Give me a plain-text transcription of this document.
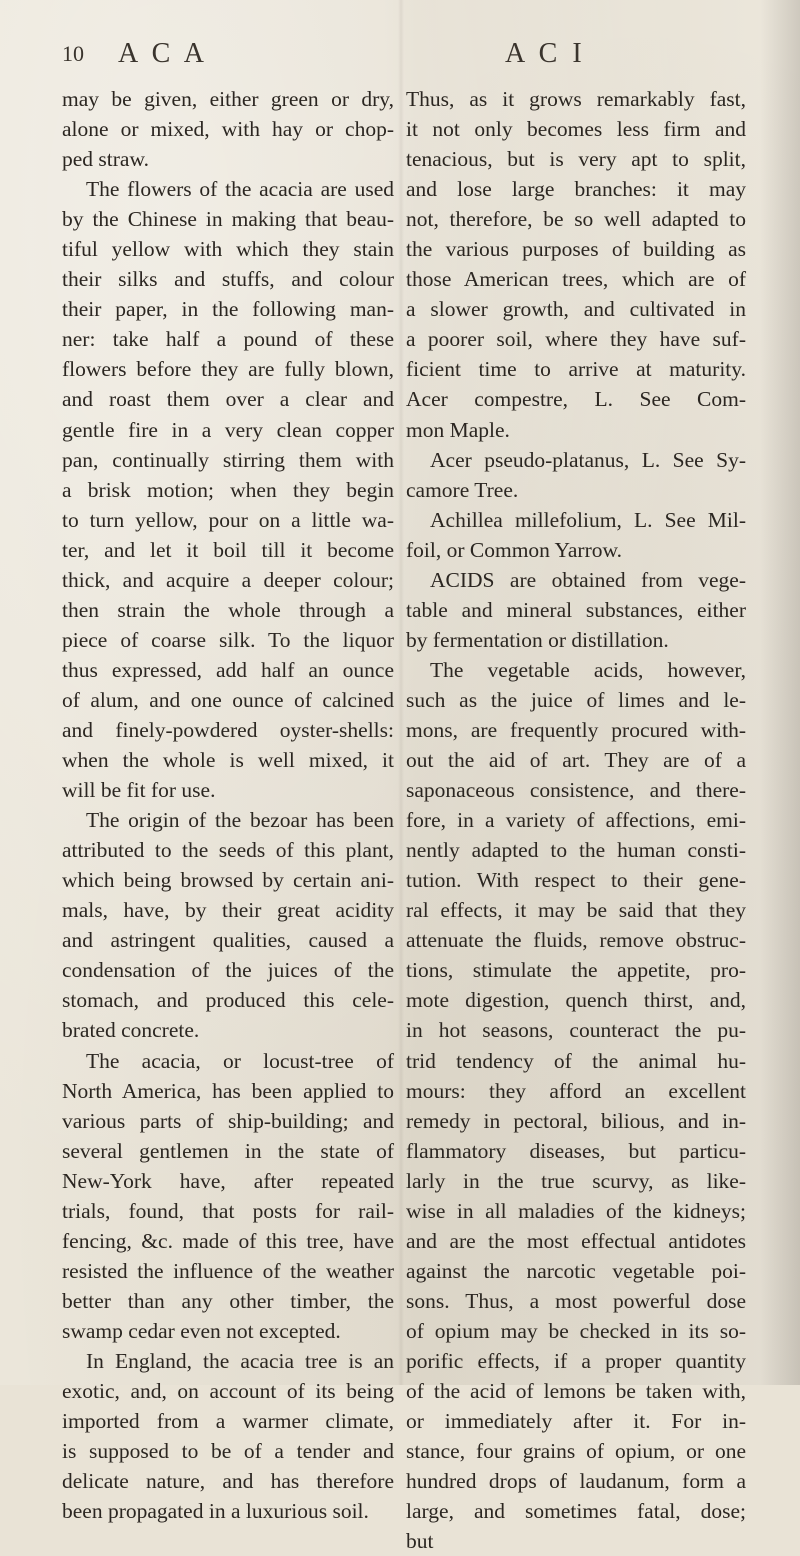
10 A C A	A C I
may be given, either green or dry,
alone or mixed, with hay or chop-
ped straw.
The flowers of the acacia are used
by the Chinese in making that beau-
tiful yellow with which they stain
their silks and stuffs, and colour
their paper, in the following man-
ner: take half a pound of these
flowers before they are fully blown,
and roast them over a clear and
gentle fire in a very clean copper
pan, continually stirring them with
a brisk motion; when they begin
to turn yellow, pour on a little wa-
ter, and let it boil till it become
thick, and acquire a deeper colour;
then strain the whole through a
piece of coarse silk. To the liquor
thus expressed, add half an ounce
of alum, and one ounce of calcined
and finely-powdered oyster-shells:
when the whole is well mixed, it
will be fit for use.
The origin of the bezoar has been
attributed to the seeds of this plant,
which being browsed by certain ani-
mals, have, by their great acidity
and astringent qualities, caused a
condensation of the juices of the
stomach, and produced this cele-
brated concrete.
The acacia, or locust-tree of
North America, has been applied to
various parts of ship-building; and
several gentlemen in the state of
New-York have, after repeated
trials, found, that posts for rail-
fencing, &c. made of this tree, have
resisted the influence of the weather
better than any other timber, the
swamp cedar even not excepted.
In England, the acacia tree is an
exotic, and, on account of its being
imported from a warmer climate,
is supposed to be of a tender and
delicate nature, and has therefore
been propagated in a luxurious soil.
Thus, as it grows remarkably fast,
it not only becomes less firm and
tenacious, but is very apt to split,
and lose large branches: it may
not, therefore, be so well adapted to
the various purposes of building as
those American trees, which are of
a slower growth, and cultivated in
a poorer soil, where they have suf-
ficient time to arrive at maturity.
Acer compestre, L. See Com-
mon Maple.
Acer pseudo-platanus, L. See Sy-
camore Tree.
Achillea millefolium, L. See Mil-
foil, or Common Yarrow.
ACIDS are obtained from vege-
table and mineral substances, either
by fermentation or distillation.
The vegetable acids, however,
such as the juice of limes and le-
mons, are frequently procured with-
out the aid of art. They are of a
saponaceous consistence, and there-
fore, in a variety of affections, emi-
nently adapted to the human consti-
tution. With respect to their gene-
ral effects, it may be said that they
attenuate the fluids, remove obstruc-
tions, stimulate the appetite, pro-
mote digestion, quench thirst, and,
in hot seasons, counteract the pu-
trid tendency of the animal hu-
mours: they afford an excellent
remedy in pectoral, bilious, and in-
flammatory diseases, but particu-
larly in the true scurvy, as like-
wise in all maladies of the kidneys;
and are the most effectual antidotes
against the narcotic vegetable poi-
sons. Thus, a most powerful dose
of opium may be checked in its so-
porific effects, if a proper quantity
of the acid of lemons be taken with,
or immediately after it. For in-
stance, four grains of opium, or one
hundred drops of laudanum, form a
large, and sometimes fatal, dose;
but
